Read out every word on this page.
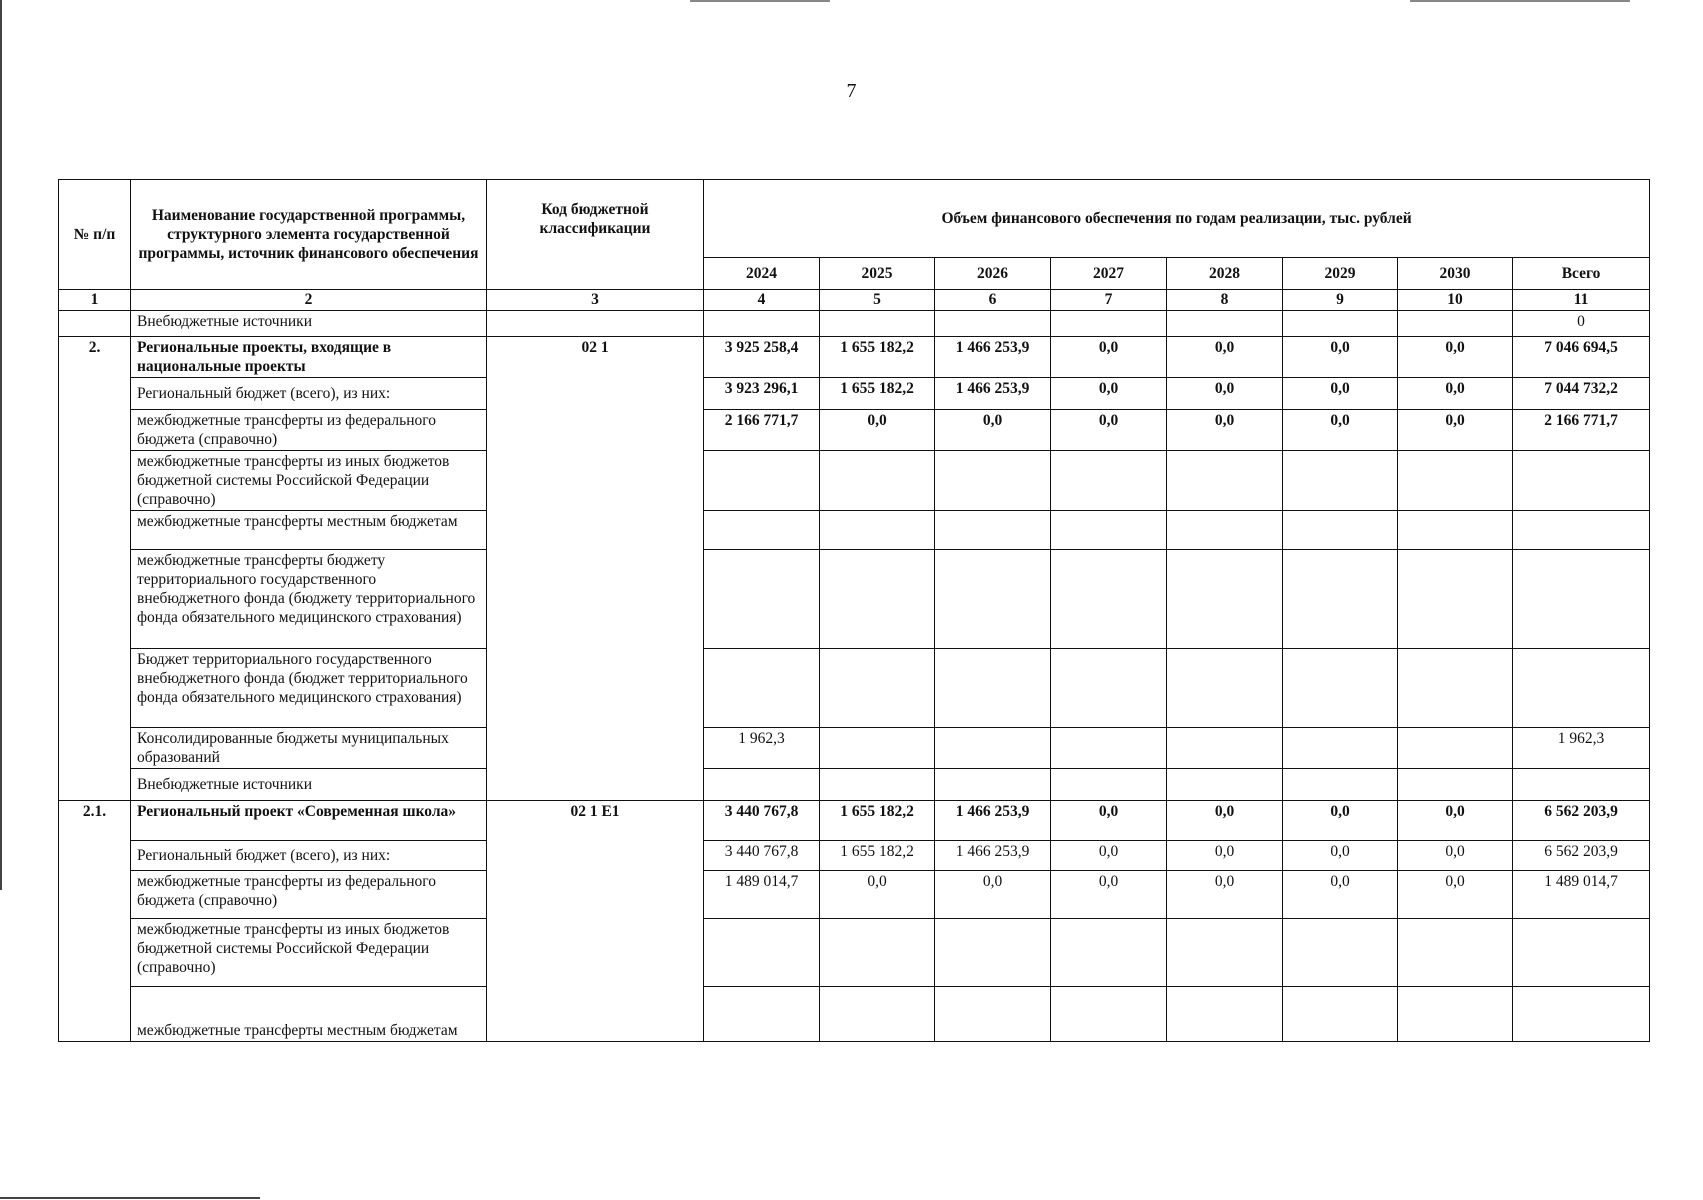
7
№ п/п	Наименование государственной программы, структурного элемента государственной программы, источник финансового обеспечения	Код бюджетной классификации	Объем финансового обеспечения по годам реализации, тыс. рублей							
			2024	2025	2026	2027	2028	2029	2030	Всего
1	2	3	4	5	6	7	8	9	10	11
	Внебюджетные источники									0
2.	Региональные проекты, входящие в национальные проекты	02 1	3 925 258,4	1 655 182,2	1 466 253,9	0,0	0,0	0,0	0,0	7 046 694,5
	Региональный бюджет (всего), из них:		3 923 296,1	1 655 182,2	1 466 253,9	0,0	0,0	0,0	0,0	7 044 732,2
	межбюджетные трансферты из федерального бюджета (справочно)		2 166 771,7	0,0	0,0	0,0	0,0	0,0	0,0	2 166 771,7
	межбюджетные трансферты из иных бюджетов бюджетной системы Российской Федерации (справочно)									
	межбюджетные трансферты местным бюджетам									
	межбюджетные трансферты бюджету территориального государственного внебюджетного фонда (бюджету территориального фонда обязательного медицинского страхования)									
	Бюджет территориального государственного внебюджетного фонда (бюджет территориального фонда обязательного медицинского страхования)									
	Консолидированные бюджеты муниципальных образований		1 962,3							1 962,3
	Внебюджетные источники									
2.1.	Региональный проект «Современная школа»	02 1 Е1	3 440 767,8	1 655 182,2	1 466 253,9	0,0	0,0	0,0	0,0	6 562 203,9
	Региональный бюджет (всего), из них:		3 440 767,8	1 655 182,2	1 466 253,9	0,0	0,0	0,0	0,0	6 562 203,9
	межбюджетные трансферты из федерального бюджета (справочно)		1 489 014,7	0,0	0,0	0,0	0,0	0,0	0,0	1 489 014,7
	межбюджетные трансферты из иных бюджетов бюджетной системы Российской Федерации (справочно)									
	межбюджетные трансферты местным бюджетам									
